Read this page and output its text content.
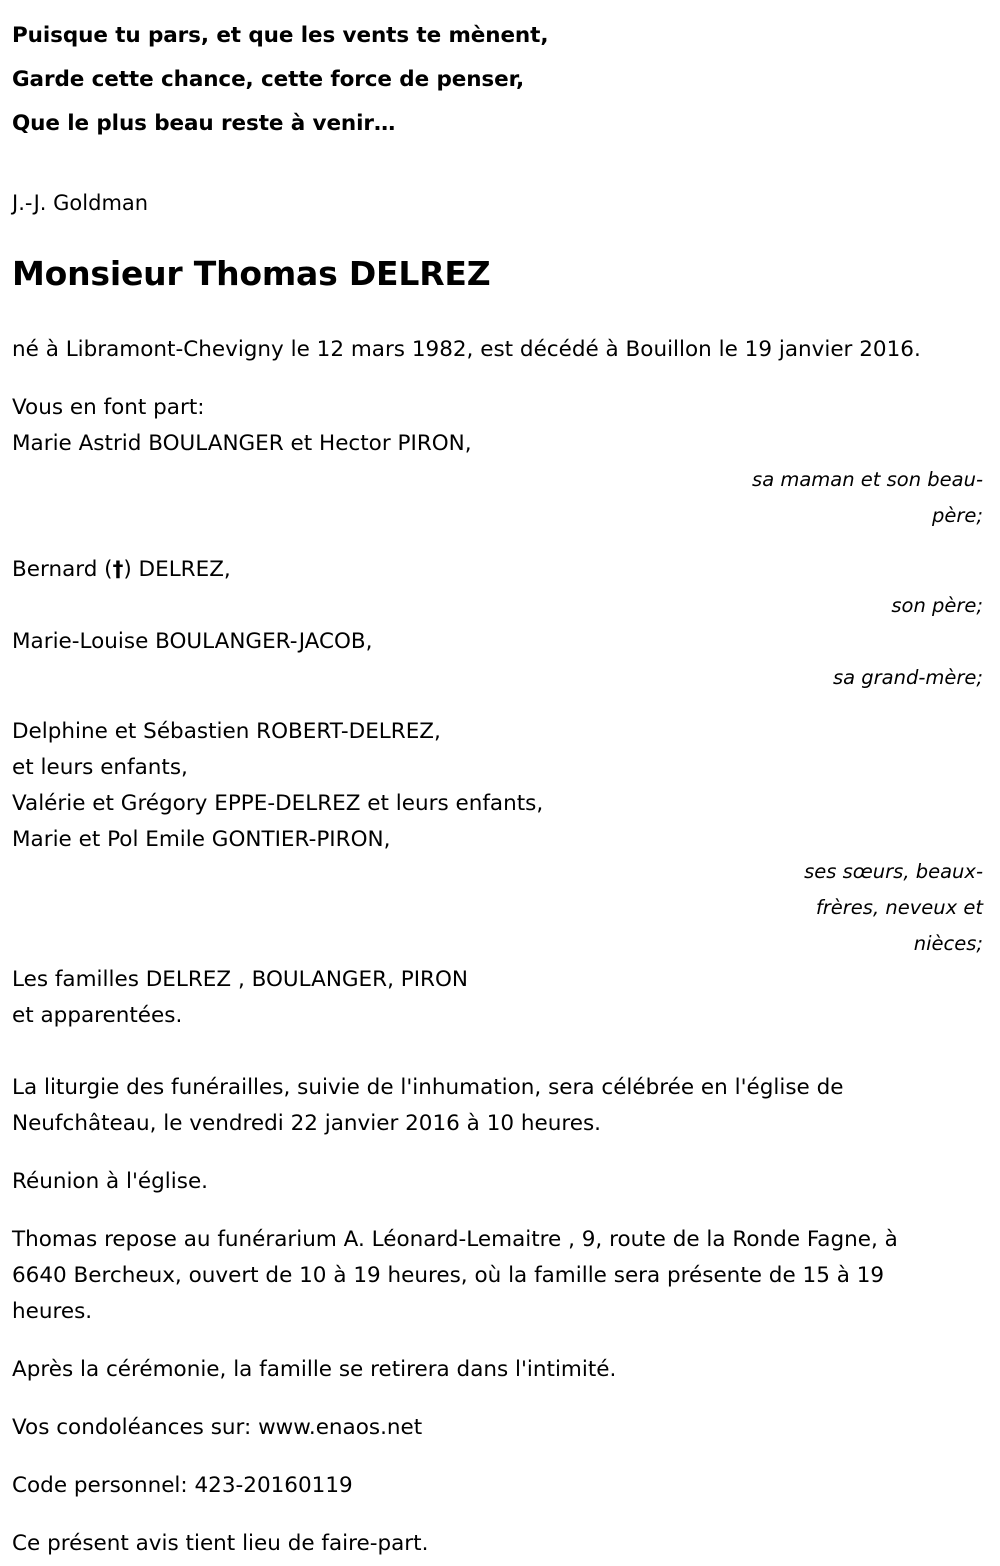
Puisque tu pars, et que les vents te mènent,
Garde cette chance, cette force de penser,
Que le plus beau reste à venir…
J.-J. Goldman
Monsieur Thomas DELREZ

né à Libramont-Chevigny le 12 mars 1982, est décédé à Bouillon le 19 janvier 2016.

Vous en font part:

Marie Astrid BOULANGER et Hector PIRON,
sa maman et son beau-père;
Bernard (†) DELREZ,
son père;
Marie-Louise BOULANGER-JACOB,
sa grand-mère;
Delphine et Sébastien ROBERT-DELREZ,
et leurs enfants,
Valérie et Grégory EPPE-DELREZ et leurs enfants,
Marie et Pol Emile GONTIER-PIRON,
ses sœurs, beaux-frères, neveux et nièces;

Les familles DELREZ , BOULANGER, PIRON

et apparentées.

La liturgie des funérailles, suivie de l'inhumation, sera célébrée en l'église de Neufchâteau, le vendredi 22 janvier 2016 à 10 heures.

Réunion à l'église.

Thomas repose au funérarium A. Léonard-Lemaitre , 9, route de la Ronde Fagne, à 6640 Bercheux, ouvert de 10 à 19 heures, où la famille sera présente de 15 à 19 heures.

Après la cérémonie, la famille se retirera dans l'intimité.

Vos condoléances sur: www.enaos.net

Code personnel: 423-20160119

Ce présent avis tient lieu de faire-part.
